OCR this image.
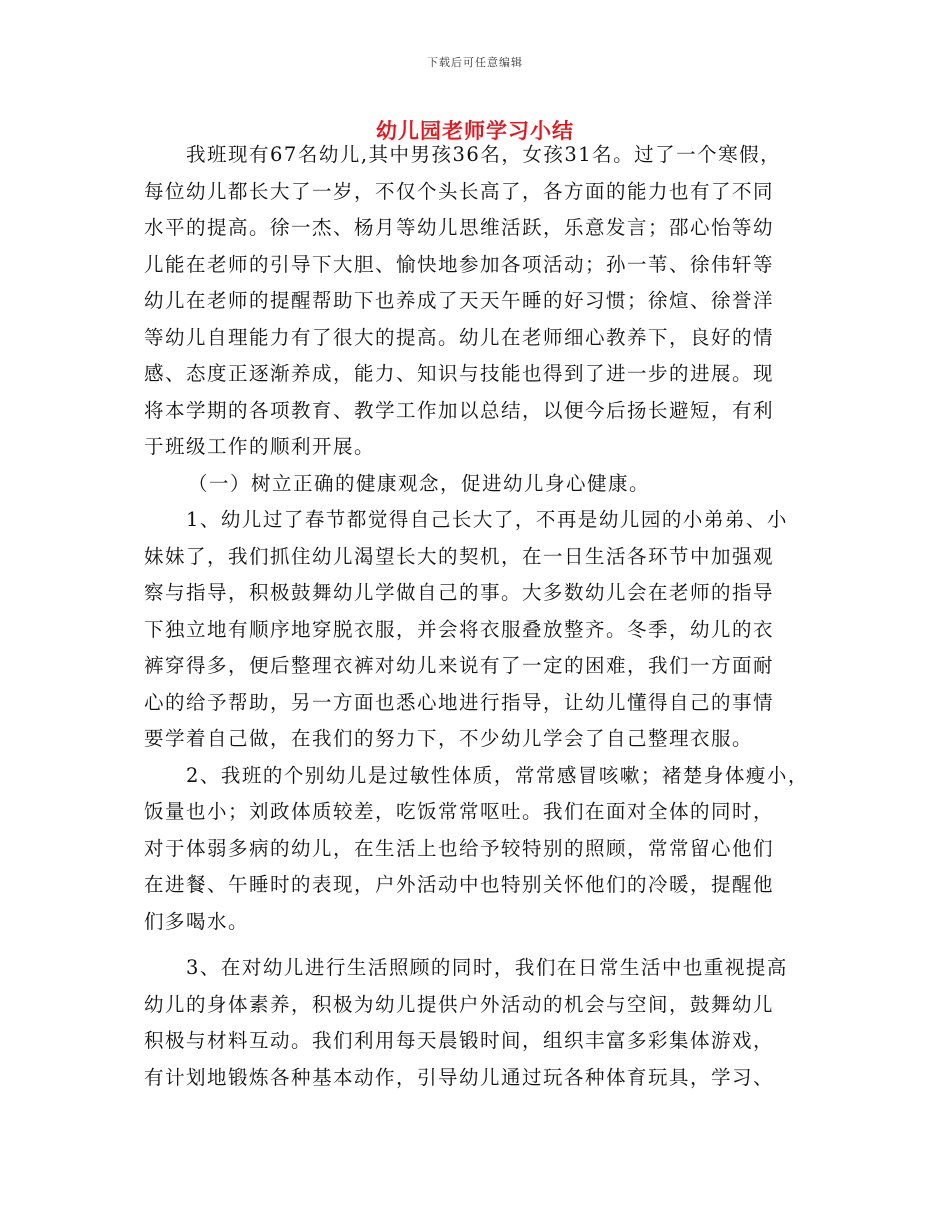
下载后可任意编辑
幼儿园老师学习小结
我班现有67名幼儿,其中男孩36名，女孩31名。过了一个寒假，
每位幼儿都长大了一岁，不仅个头长高了，各方面的能力也有了不同
水平的提高。徐一杰、杨月等幼儿思维活跃，乐意发言；邵心怡等幼
儿能在老师的引导下大胆、愉快地参加各项活动；孙一苇、徐伟轩等
幼儿在老师的提醒帮助下也养成了天天午睡的好习惯；徐煊、徐誉洋
等幼儿自理能力有了很大的提高。幼儿在老师细心教养下，良好的情
感、态度正逐渐养成，能力、知识与技能也得到了进一步的进展。现
将本学期的各项教育、教学工作加以总结，以便今后扬长避短，有利
于班级工作的顺利开展。
（一）树立正确的健康观念，促进幼儿身心健康。
1、幼儿过了春节都觉得自己长大了，不再是幼儿园的小弟弟、小
妹妹了，我们抓住幼儿渴望长大的契机，在一日生活各环节中加强观
察与指导，积极鼓舞幼儿学做自己的事。大多数幼儿会在老师的指导
下独立地有顺序地穿脱衣服，并会将衣服叠放整齐。冬季，幼儿的衣
裤穿得多，便后整理衣裤对幼儿来说有了一定的困难，我们一方面耐
心的给予帮助，另一方面也悉心地进行指导，让幼儿懂得自己的事情
要学着自己做，在我们的努力下，不少幼儿学会了自己整理衣服。
2、我班的个别幼儿是过敏性体质，常常感冒咳嗽；褚楚身体瘦小，
饭量也小；刘政体质较差，吃饭常常呕吐。我们在面对全体的同时，
对于体弱多病的幼儿，在生活上也给予较特别的照顾，常常留心他们
在进餐、午睡时的表现，户外活动中也特别关怀他们的冷暖，提醒他
们多喝水。
3、在对幼儿进行生活照顾的同时，我们在日常生活中也重视提高
幼儿的身体素养，积极为幼儿提供户外活动的机会与空间，鼓舞幼儿
积极与材料互动。我们利用每天晨锻时间，组织丰富多彩集体游戏，
有计划地锻炼各种基本动作，引导幼儿通过玩各种体育玩具，学习、
